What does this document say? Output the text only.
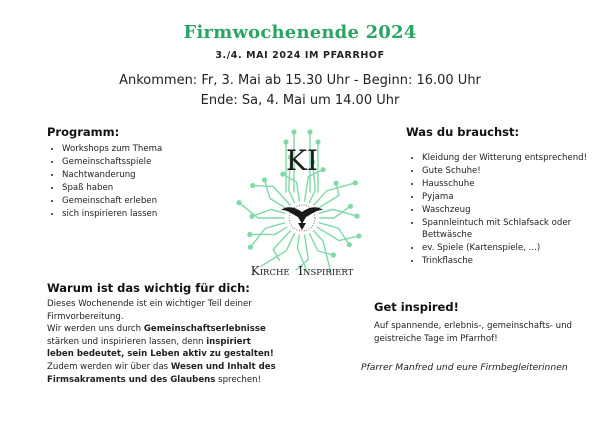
Firmwochenende 2024
3./4. MAI 2024 IM PFARRHOF
Ankommen: Fr, 3. Mai ab 15.30 Uhr - Beginn: 16.00 Uhr
Ende: Sa, 4. Mai um 14.00 Uhr
Programm:
• Workshops zum Thema
• Gemeinschaftsspiele
• Nachtwanderung
• Spaß haben
• Gemeinschaft erleben
• sich inspirieren lassen
Was du brauchst:
• Kleidung der Witterung entsprechend!
• Gute Schuhe!
• Hausschuhe
• Pyjama
• Waschzeug
• Spannleintuch mit Schlafsack oder Bettwäsche
• ev. Spiele (Kartenspiele, ...)
• Trinkflasche
KI
KIRCHE INSPIRIERT
Warum ist das wichtig für dich:
Dieses Wochenende ist ein wichtiger Teil deiner Firmvorbereitung.
Wir werden uns durch Gemeinschaftserlebnisse stärken und inspirieren lassen, denn inspiriert leben bedeutet, sein Leben aktiv zu gestalten!
Zudem werden wir über das Wesen und Inhalt des Firmsakraments und des Glaubens sprechen!
Get inspired!
Auf spannende, erlebnis-, gemeinschafts- und geistreiche Tage im Pfarrhof!
Pfarrer Manfred und eure Firmbegleiterinnen
